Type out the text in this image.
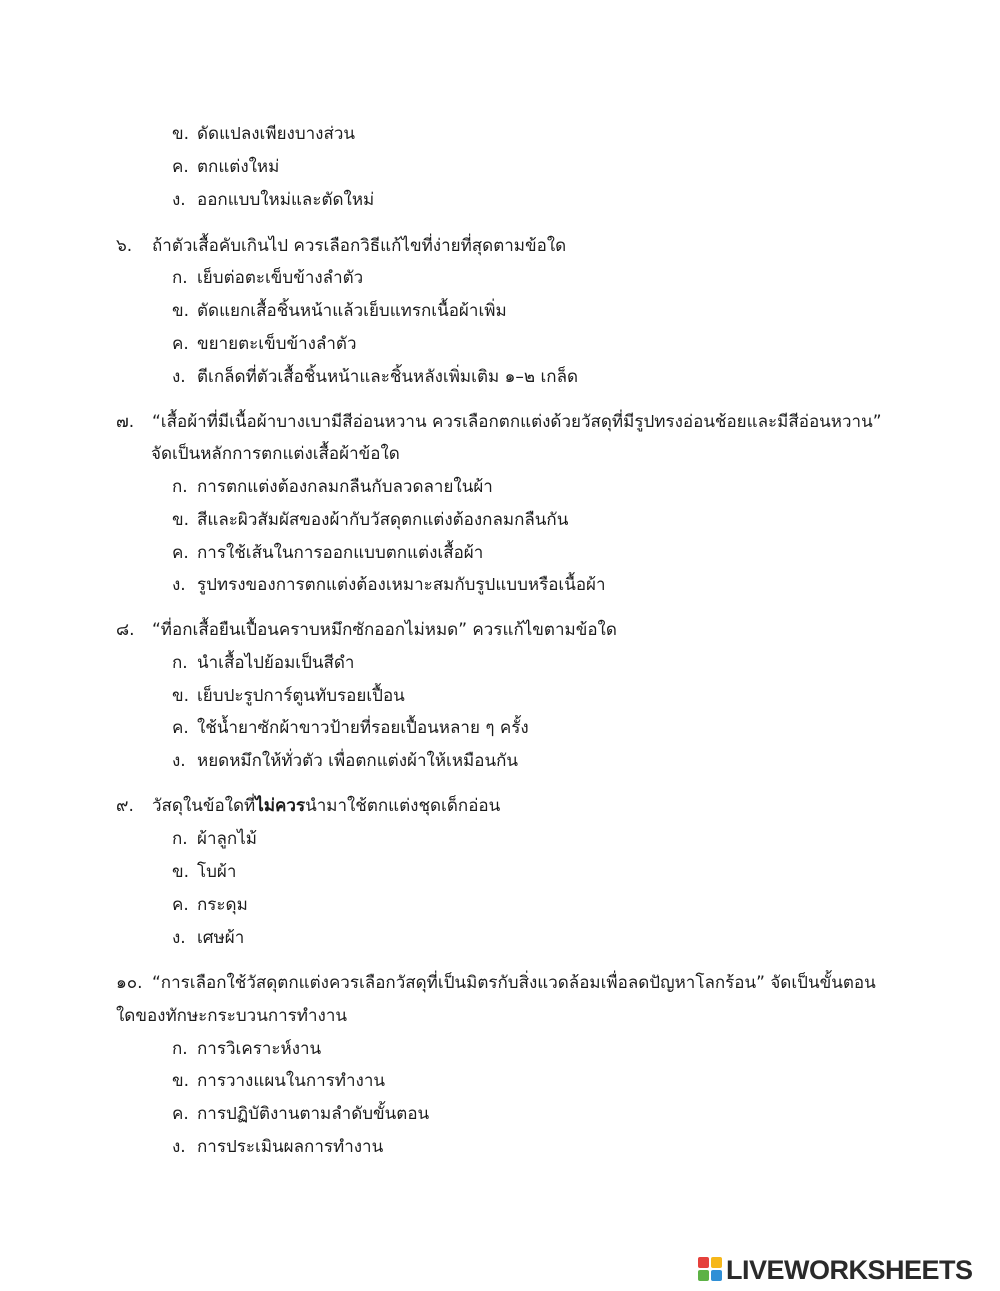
ข. ดัดแปลงเพียงบางส่วน
ค. ตกแต่งใหม่
ง. ออกแบบใหม่และตัดใหม่
๖. ถ้าตัวเสื้อคับเกินไป ควรเลือกวิธีแก้ไขที่ง่ายที่สุดตามข้อใด
ก. เย็บต่อตะเข็บข้างลำตัว
ข. ตัดแยกเสื้อชิ้นหน้าแล้วเย็บแทรกเนื้อผ้าเพิ่ม
ค. ขยายตะเข็บข้างลำตัว
ง. ตีเกล็ดที่ตัวเสื้อชิ้นหน้าและชิ้นหลังเพิ่มเติม ๑–๒ เกล็ด
๗. “เสื้อผ้าที่มีเนื้อผ้าบางเบามีสีอ่อนหวาน ควรเลือกตกแต่งด้วยวัสดุที่มีรูปทรงอ่อนช้อยและมีสีอ่อนหวาน”
จัดเป็นหลักการตกแต่งเสื้อผ้าข้อใด
ก. การตกแต่งต้องกลมกลืนกับลวดลายในผ้า
ข. สีและผิวสัมผัสของผ้ากับวัสดุตกแต่งต้องกลมกลืนกัน
ค. การใช้เส้นในการออกแบบตกแต่งเสื้อผ้า
ง. รูปทรงของการตกแต่งต้องเหมาะสมกับรูปแบบหรือเนื้อผ้า
๘. “ที่อกเสื้อยืนเปื้อนคราบหมึกซักออกไม่หมด” ควรแก้ไขตามข้อใด
ก. นำเสื้อไปย้อมเป็นสีดำ
ข. เย็บปะรูปการ์ตูนทับรอยเปื้อน
ค. ใช้น้ำยาซักผ้าขาวป้ายที่รอยเปื้อนหลาย ๆ ครั้ง
ง. หยดหมึกให้ทั่วตัว เพื่อตกแต่งผ้าให้เหมือนกัน
๙. วัสดุในข้อใดที่ไม่ควรนำมาใช้ตกแต่งชุดเด็กอ่อน
ก. ผ้าลูกไม้
ข. โบผ้า
ค. กระดุม
ง. เศษผ้า
๑๐. “การเลือกใช้วัสดุตกแต่งควรเลือกวัสดุที่เป็นมิตรกับสิ่งแวดล้อมเพื่อลดปัญหาโลกร้อน” จัดเป็นขั้นตอน
ใดของทักษะกระบวนการทำงาน
ก. การวิเคราะห์งาน
ข. การวางแผนในการทำงาน
ค. การปฏิบัติงานตามลำดับขั้นตอน
ง. การประเมินผลการทำงาน
LIVEWORKSHEETS
